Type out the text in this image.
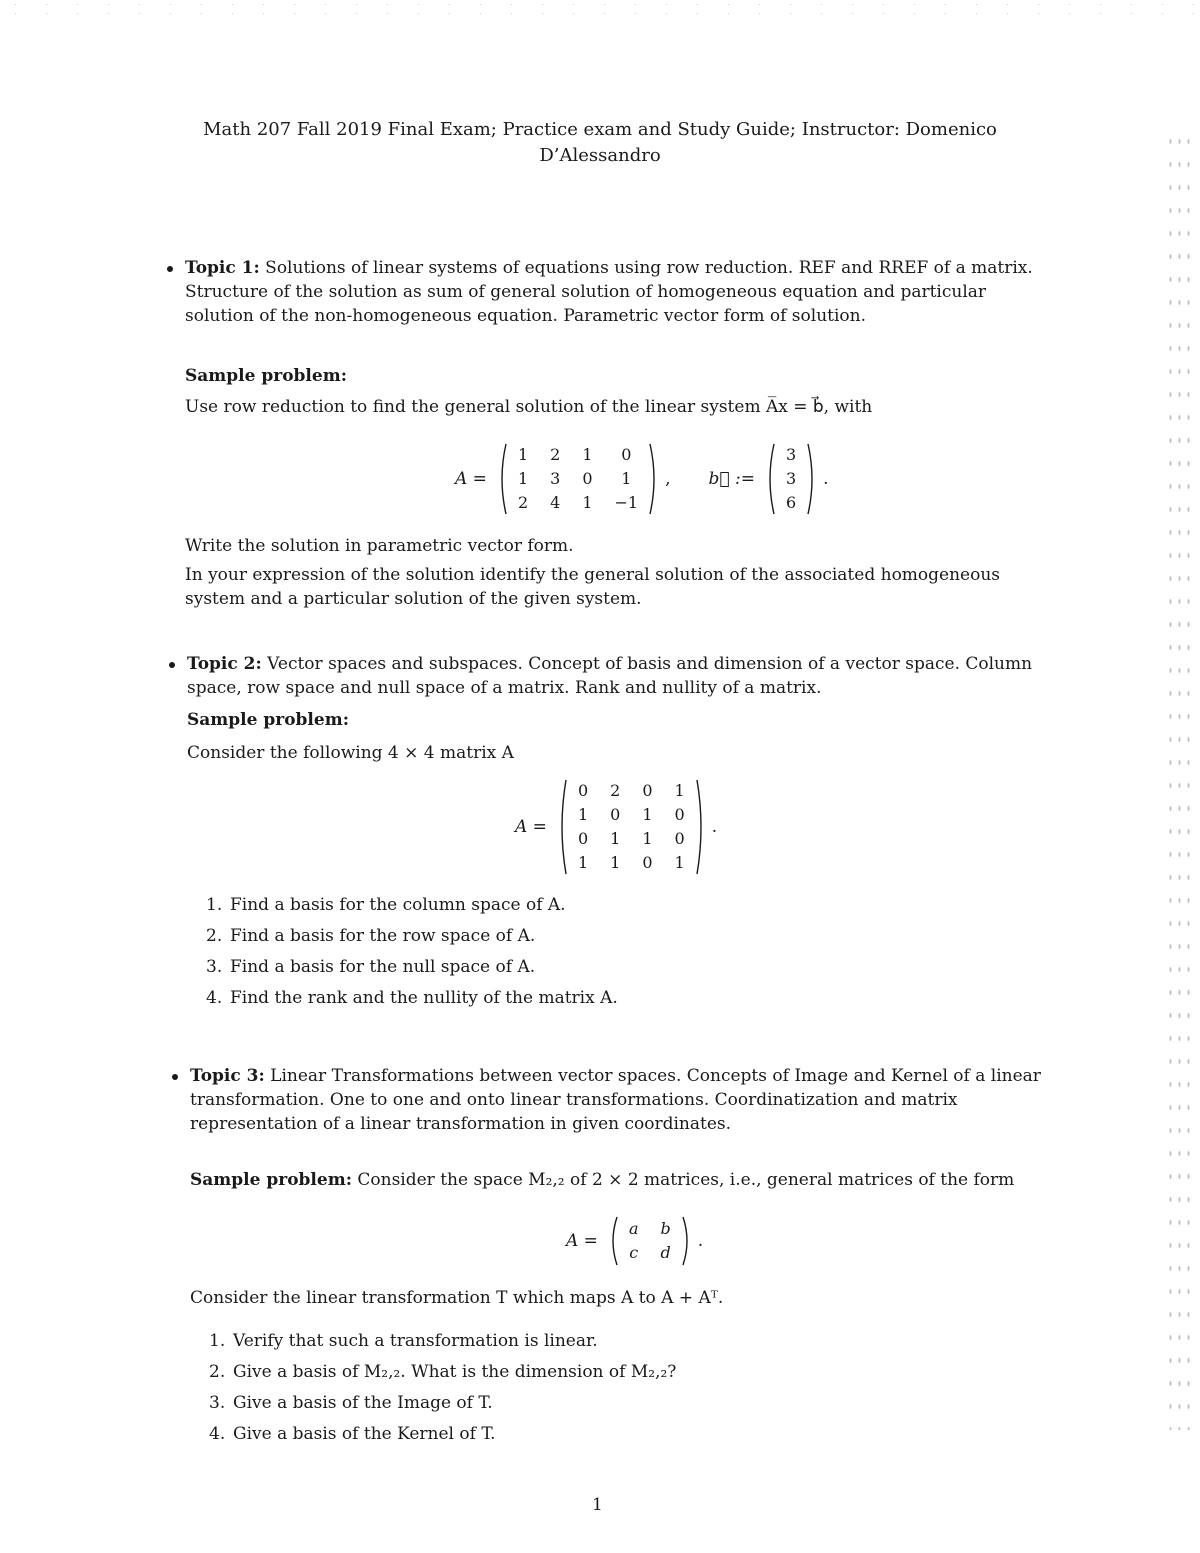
Math 207 Fall 2019 Final Exam; Practice exam and Study Guide; Instructor: Domenico
D’Alessandro

Topic 1: Solutions of linear systems of equations using row reduction. REF and RREF of a matrix. Structure of the solution as sum of general solution of homogeneous equation and particular solution of the non-homogeneous equation. Parametric vector form of solution.

Sample problem:
Use row reduction to find the general solution of the linear system A̅x = b⃗, with
A =
1	2	1	0
1	3	0	1
2	4	1	−1
, b⃗ :=
3
3
6
.
Write the solution in parametric vector form.
In your expression of the solution identify the general solution of the associated homogeneous system and a particular solution of the given system.

Topic 2: Vector spaces and subspaces. Concept of basis and dimension of a vector space. Column space, row space and null space of a matrix. Rank and nullity of a matrix.

Sample problem:
Consider the following 4 × 4 matrix A
A =
0	2	0	1
1	0	1	0
0	1	1	0
1	1	0	1
.
1. Find a basis for the column space of A.
2. Find a basis for the row space of A.
3. Find a basis for the null space of A.
4. Find the rank and the nullity of the matrix A.

Topic 3: Linear Transformations between vector spaces. Concepts of Image and Kernel of a linear transformation. One to one and onto linear transformations. Coordinatization and matrix representation of a linear transformation in given coordinates.

Sample problem: Consider the space M₂,₂ of 2 × 2 matrices, i.e., general matrices of the form
A =
a	b
c	d
.
Consider the linear transformation T which maps A to A + Aᵀ.
1. Verify that such a transformation is linear.
2. Give a basis of M₂,₂. What is the dimension of M₂,₂?
3. Give a basis of the Image of T.
4. Give a basis of the Kernel of T.
1
